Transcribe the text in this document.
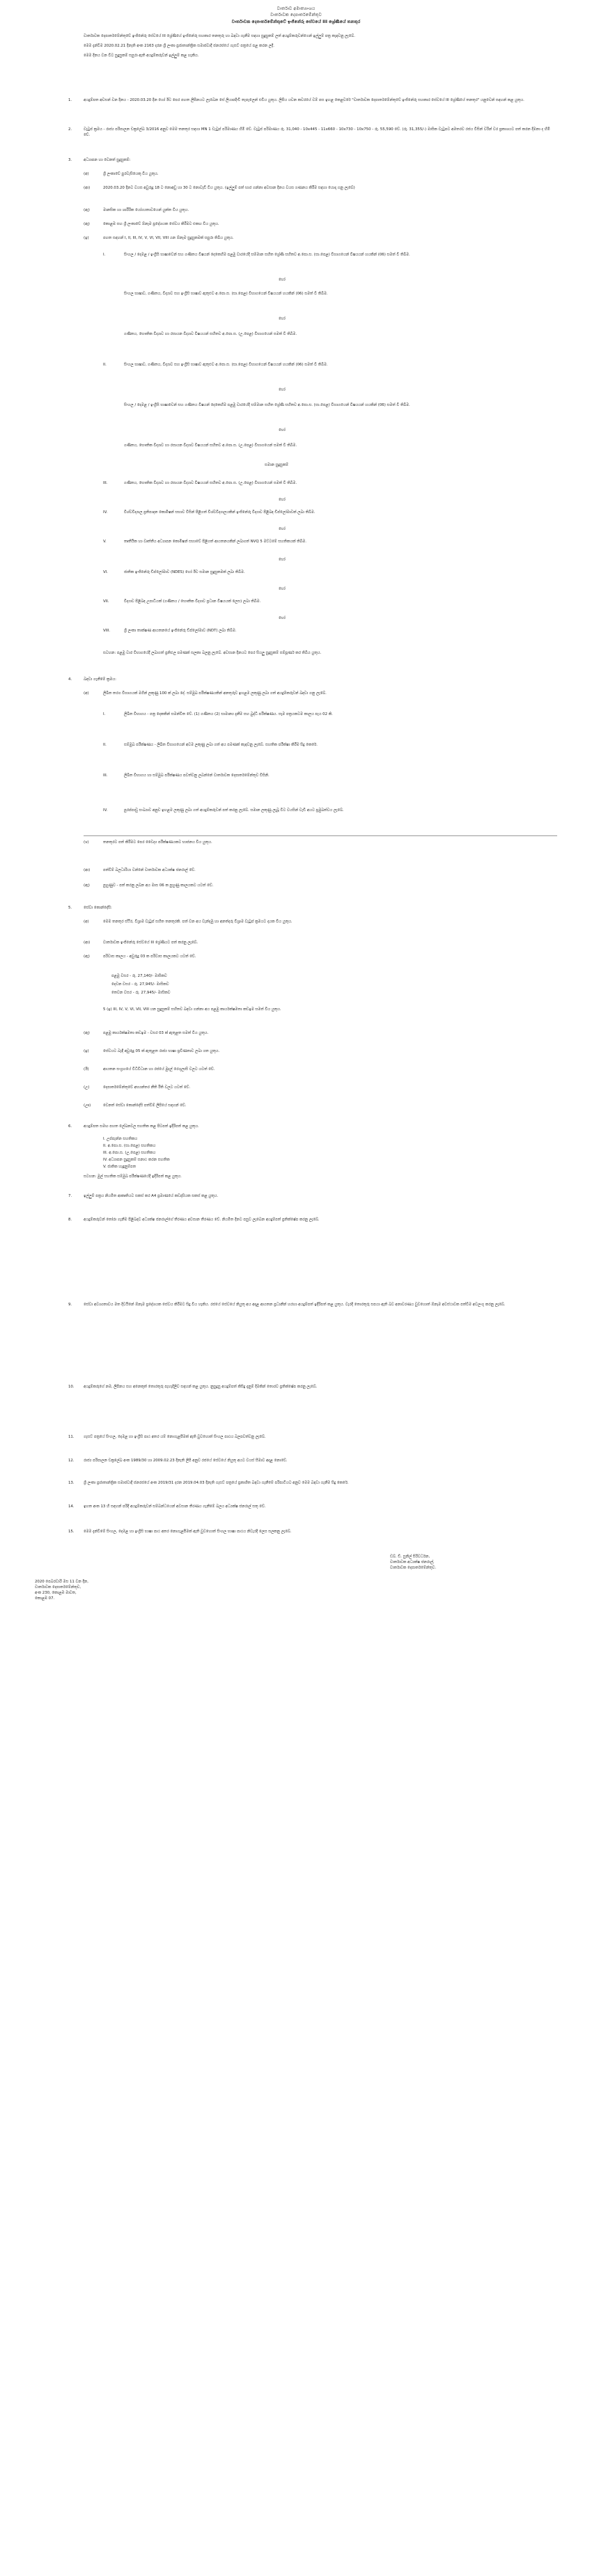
වාර්තාව අමාත්‍යාංශය
වාර්තාවක දෙපාර්තමේන්තුව
වාර්තාවක දෙපාර්තමේන්තුවේ ඉංජිනේරු සේවයේ III ශ්‍රේණියේ තනතුර

වාර්තාවක දෙපාර්තමේන්තුවේ ඉංජිනේරු සේවයේ III ශ්‍රේණියේ ඉංජිනේරු සහකාර තනතුරු හා බඳවා ගැනීම සඳහා සුදුසුකම් ලත් අයදුම්කරුවන්ගෙන් ඉල්ලුම් පත්‍ර කැඳවනු ලැබේ.

මෙම දැන්වීම 2020.02.21 දිනැති අංක 2163 දරන ශ්‍රී ලංකා ප්‍රජාතාන්ත්‍රික සමාජවාදී ජනරජයේ ගැසට් පත්‍රයේ පළ කරන ලදී.

මෙම දිනය වන විට සුදුසුකම් සපුරා ඇති අයදුම්කරුවන් ඉල්ලුම් කළ හැකිය.

1.	අයදුම්පත අවසන් වන දිනය - 2020.03.20 දින හෝ ඊට පෙර පහත ලිපිනයට ලැබෙන සේ ලියාපදිංචි තැපෑලෙන් එවිය යුතුය. ලිපිය යවන කවරයේ වම් පස ඉහළ කෙළවරේ "වාර්තාවක දෙපාර්තමේන්තුවේ ඉංජිනේරු සහකාර සේවයේ III ශ්‍රේණියේ තනතුර" යනුවෙන් සඳහන් කළ යුතුය.
2.	වැටුප් ක්‍රමය - රාජ්‍ය පරිපාලන චක්‍රලේඛ 3/2016 අනුව මෙම තනතුර සඳහා MN 1 වැටුප් පරිමාණය හිමි වේ. වැටුප් පරිමාණය රු. 31,040 - 10x445 - 11x660 - 10x730 - 10x750 - රු. 55,590 වේ. (රු. 31,355/-) මාසික වැටුපට අමතරව රජය විසින් වරින් වර ප්‍රකාශයට පත් කරන දීමනා ද හිමි වේ.
3.	අධ්‍යාපන හා වෙනත් සුදුසුකම්:
(අ)	ශ්‍රී ලංකාවේ පුරවැසියෙකු විය යුතුය.
(ආ)	2020.03.20 දිනට වයස අවුරුදු 18 ට නොඅඩු හා 30 ට නොවැඩි විය යුතුය. (ඉල්ලුම් පත් භාර ගන්නා අවසාන දිනය වයස ගණනය කිරීම සඳහා යොදා ගනු ලැබේ)
(ඇ)	මානසික හා ශාරීරික යෝග්‍යතාවයෙන් යුක්ත විය යුතුය.
(ඈ)	කොළඹ සහ ශ්‍රී ලංකාවේ ඕනෑම ප්‍රදේශයක සේවය කිරීමට එකඟ විය යුතුය.
(ඉ)	පහත සඳහන් I, II, III, IV, V, VI, VII, VIII යන ඕනෑම සුදුසුකමක් සපුරා තිබිය යුතුය.
I.	සිංහල / දෙමළ / ඉංග්‍රීසි භාෂාවෙන් සහ ගණිතය විෂයන් දෙකෙහිම පළමු වාරයේදී සම්මාන සහිත ශ්‍රේණි සහිතව අ.පො.ස. (සා.පෙළ) විභාගයෙන් විෂයයන් හයකින් (06) සමත් වී තිබීම.
හෝ
සිංහල භාෂාව, ගණිතය, විද්‍යාව සහ ඉංග්‍රීසි භාෂාව ඇතුළුව අ.පො.ස. (සා.පෙළ) විභාගයෙන් විෂයයන් හයකින් (06) සමත් වී තිබීම.
හෝ
ගණිතය, භෞතික විද්‍යාව හා රසායන විද්‍යාව විෂයයන් සහිතව අ.පො.ස. (උ.පෙළ) විභාගයෙන් සමත් වී තිබීම.
II.	සිංහල භාෂාව, ගණිතය, විද්‍යාව සහ ඉංග්‍රීසි භාෂාව ඇතුළුව අ.පො.ස. (සා.පෙළ) විභාගයෙන් විෂයයන් හයකින් (06) සමත් වී තිබීම.
හෝ
සිංහල / දෙමළ / ඉංග්‍රීසි භාෂාවෙන් සහ ගණිතය විෂයන් දෙකෙහිම පළමු වාරයේදී සම්මාන සහිත ශ්‍රේණි සහිතව අ.පො.ස. (සා.පෙළ) විභාගයෙන් විෂයයන් හයකින් (06) සමත් වී තිබීම.
හෝ
ගණිතය, භෞතික විද්‍යාව හා රසායන විද්‍යාව විෂයයන් සහිතව අ.පො.ස. (උ.පෙළ) විභාගයෙන් සමත් වී තිබීම.
සමාන සුදුසුකම්
III.	ගණිතය, භෞතික විද්‍යාව හා රසායන විද්‍යාව විෂයයන් සහිතව අ.පො.ස. (උ.පෙළ) විභාගයෙන් සමත් වී තිබීම.
හෝ
IV.	විශ්වවිද්‍යාල ප්‍රතිපාදන කොමිෂන් සභාව විසින් පිළිගත් විශ්වවිද්‍යාලයකින් ඉංජිනේරු විද්‍යාව පිළිබඳ ඩිප්ලෝමාවක් ලබා තිබීම.
හෝ
V.	තෘතීයික හා වෘත්තීය අධ්‍යාපන කොමිෂන් සභාවේ පිළිගත් ආයතනයකින් ලබාගත් NVQ 5 මට්ටමේ සහතිකයක් තිබීම.
හෝ
VI.	ජාතික ඉංජිනේරු ඩිප්ලෝමාව (NDES) හෝ ඊට සමාන සුදුසුකමක් ලබා තිබීම.
හෝ
VII.	විද්‍යාව පිළිබඳ උපාධියක් (ගණිතය / භෞතික විද්‍යාව ප්‍රධාන විෂයයක් ලෙස) ලබා තිබීම.
හෝ
VIII.	ශ්‍රී ලංකා තාක්ෂණ ආයතනයේ ඉංජිනේරු ඩිප්ලෝමාව (NDT) ලබා තිබීම.
සටහන: පළමු වාර විභාගයේදී ලබාගත් ප්‍රතිඵල පමණක් සලකා බලනු ලැබේ. අවසාන දිනයට පෙර සියලු සුදුසුකම් සම්පූර්ණ කර තිබිය යුතුය.
4.	බඳවා ගැනීමේ ක්‍රමය:
(අ)	ලිඛිත තරග විභාගයක් මගින් ලකුණු 100 ක් ලබා දේ. සම්මුඛ පරීක්ෂණයකින් අනතුරුව ඉහළම ලකුණු ලබා ගත් අයදුම්කරුවන් බඳවා ගනු ලැබේ.
I.	ලිඛිත විභාගය - පත්‍ර දෙකකින් සමන්විත වේ. (1) ගණිතය (2) සාමාන්‍ය දැනීම සහ බුද්ධි පරීක්ෂණය. සෑම පත්‍රයකටම කාලය පැය 02 කි.
II.	සම්මුඛ පරීක්ෂණය - ලිඛිත විභාගයෙන් අවම ලකුණු ලබා ගත් අය පමණක් කැඳවනු ලැබේ. සහතික පරීක්ෂා කිරීම සිදු කෙරේ.
III.	ලිඛිත විභාගය හා සම්මුඛ පරීක්ෂණය පවත්වනු ලබන්නේ වාර්තාවක දෙපාර්තමේන්තුව විසිනි.
IV.	පුරප්පාඩු සංඛ්‍යාව අනුව ඉහළම ලකුණු ලබා ගත් අයදුම්කරුවන් පත් කරනු ලැබේ. සමාන ලකුණු ලැබූ විට වයසින් වැඩි අයට ප්‍රමුඛත්වය ලැබේ.
(v)	තනතුරට පත් කිරීමට පෙර වෛද්‍ය පරීක්ෂණයකට භාජනය විය යුතුය.
(ආ)	පත්වීම් බලධාරියා වන්නේ වාර්තාවක අධ්‍යක්ෂ ජනරාල් වේ.
(ඇ)	පුහුණුව - පත් කරනු ලබන අය මාස 06 ක පුහුණු කාලයකට යටත් වේ.
5.	සේවා කොන්දේසි:
(අ)	මෙම තනතුර ස්ථිර, විශ්‍රාම වැටුප් සහිත තනතුරකි. පත් වන අය වැන්දඹු හා අනත්දරු විශ්‍රාම වැටුප් ක්‍රමයට දායක විය යුතුය.
(ආ)	වාර්තාවක ඉංජිනේරු සේවයේ III ශ්‍රේණියට පත් කරනු ලැබේ.
(ඇ)	පරිවාස කාලය - අවුරුදු 03 ක පරිවාස කාලයකට යටත් වේ.
පළමු වසර - රු. 27,140/- මාසිකව
දෙවන වසර - රු. 27,945/- මාසිකව
තෙවන වසර - රු. 27,945/- මාසිකව
5 (ඉ) III, IV, V, VI, VII, VIII යන සුදුසුකම් සහිතව බඳවා ගන්නා අය පළමු කාර්යක්ෂමතා කඩඉම සමත් විය යුතුය.
(ඈ)	පළමු කාර්යක්ෂමතා කඩඉම - වසර 03 ක් ඇතුළත සමත් විය යුතුය.
(ඉ)	සේවයට බැඳී අවුරුදු 05 ක් ඇතුළත රාජ්‍ය භාෂා ප්‍රවීණතාව ලබා ගත යුතුය.
(ඊ)	ආයතන සංග්‍රහයේ විධිවිධාන හා රජයේ මුදල් රෙගුලාසි වලට යටත් වේ.
(උ)	දෙපාර්තමේන්තුවේ අභ්‍යන්තර නීති රීති වලට යටත් වේ.
(ඌ)	වෙනත් සේවා කොන්දේසි පත්වීම් ලිපියේ සඳහන් වේ.
6.	අයදුම්පත සමඟ පහත ලේඛනවල සහතික කළ පිටපත් ඉදිරිපත් කළ යුතුය.
I. උප්පැන්න සහතිකය
II. අ.පො.ස. (සා.පෙළ) සහතිකය
III. අ.පො.ස. (උ.පෙළ) සහතිකය
IV. අධ්‍යාපන සුදුසුකම් සනාථ කරන සහතික
V. ජාතික හැඳුනුම්පත
සටහන: මුල් සහතික සම්මුඛ පරීක්ෂණයේදී ඉදිරිපත් කළ යුතුය.
7.	ඉල්ලුම් පත්‍රය නියමිත ආකෘතියට සකස් කර A4 ප්‍රමාණයේ කඩදාසියක සකස් කළ යුතුය.
8.	අයදුම්කරුවන් තෝරා ගැනීම පිළිබඳව අධ්‍යක්ෂ ජනරාල්ගේ තීරණය අවසාන තීරණය වේ. නියමිත දිනට පසුව ලැබෙන අයදුම්පත් ප්‍රතික්ෂේප කරනු ලැබේ.
9.	සේවා අවශ්‍යතාවය මත දිවයිනේ ඕනෑම ප්‍රදේශයක සේවය කිරීමට සිදු විය හැකිය. රජයේ සේවයේ නියුතු අය අදාළ ආයතන ප්‍රධානීන් හරහා අයදුම්පත් ඉදිරිපත් කළ යුතුය. වැරදි තොරතුරු සපයා ඇති බව අනාවරණය වුවහොත් ඕනෑම අවස්ථාවක පත්වීම අවලංගු කරනු ලැබේ.
10. අයදුම්කරුගේ නම, ලිපිනය සහ අනෙකුත් තොරතුරු පැහැදිලිව සඳහන් කළ යුතුය. නුසුදුසු අයදුම්පත් කිසිදු දැනුම් දීමකින් තොරව ප්‍රතික්ෂේප කරනු ලැබේ.
11. ගැසට් පත්‍රයේ සිංහල, දෙමළ හා ඉංග්‍රීසි පාඨ අතර යම් නොගැළපීමක් ඇති වුවහොත් සිංහල පාඨය බලපවත්වනු ලැබේ.
12. රාජ්‍ය පරිපාලන චක්‍රලේඛ අංක 1989/30 හා 2009.02.23 දිනැති ලිපි අනුව රජයේ සේවයේ නියුතු අයට වයස් සීමාව අදාළ නොවේ.
13. ශ්‍රී ලංකා ප්‍රජාතාන්ත්‍රික සමාජවාදී ජනරජයේ අංක 2019/31 දරන 2019.04.03 දිනැති ගැසට් පත්‍රයේ ප්‍රකාශිත බඳවා ගැනීමේ පරිපාටියට අනුව මෙම බඳවා ගැනීම සිදු කෙරේ.
14. ඉහත අංක 13 හි සඳහන් පරිදි අයදුම්කරුවන් සම්බන්ධයෙන් අවසාන තීරණය ගැනීමේ බලය අධ්‍යක්ෂ ජනරාල් සතු වේ.
15. මෙම දැන්වීමේ සිංහල, දෙමළ හා ඉංග්‍රීසි භාෂා පාඨ අතර නොගැළපීමක් ඇති වුවහොත් සිංහල භාෂා පාඨය නිවැරදි ලෙස සලකනු ලැබේ.
ඩබ්. ඩී. සුනිල් සිරිවර්ධන,
වාර්තාවක අධ්‍යක්ෂ ජනරාල්,
වාර්තාවක දෙපාර්තමේන්තුව.
2020 පෙබරවාරි මස 11 වන දින,
වාර්තාවක දෙපාර්තමේන්තුව,
අංක 230, කොළඹ මාවත,
කොළඹ 07.
